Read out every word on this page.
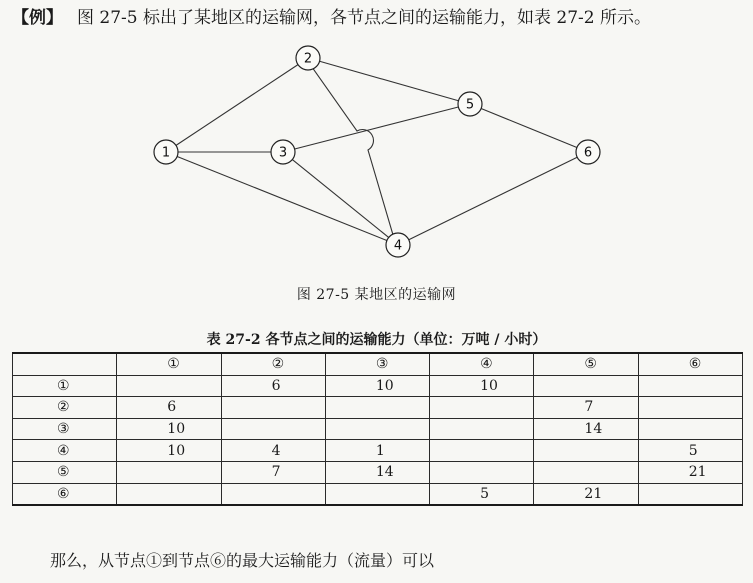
【例】 图 27-5 标出了某地区的运输网，各节点之间的运输能力，如表 27-2 所示。
1
2
3
4
5
6
图 27-5 某地区的运输网
表 27-2 各节点之间的运输能力（单位：万吨 / 小时）
	①	②	③	④	⑤	⑥
①		6	10	10		
②	6				7	
③	10				14	
④	10	4	1			5
⑤		7	14			21
⑥				5	21	
那么，从节点①到节点⑥的最大运输能力（流量）可以
